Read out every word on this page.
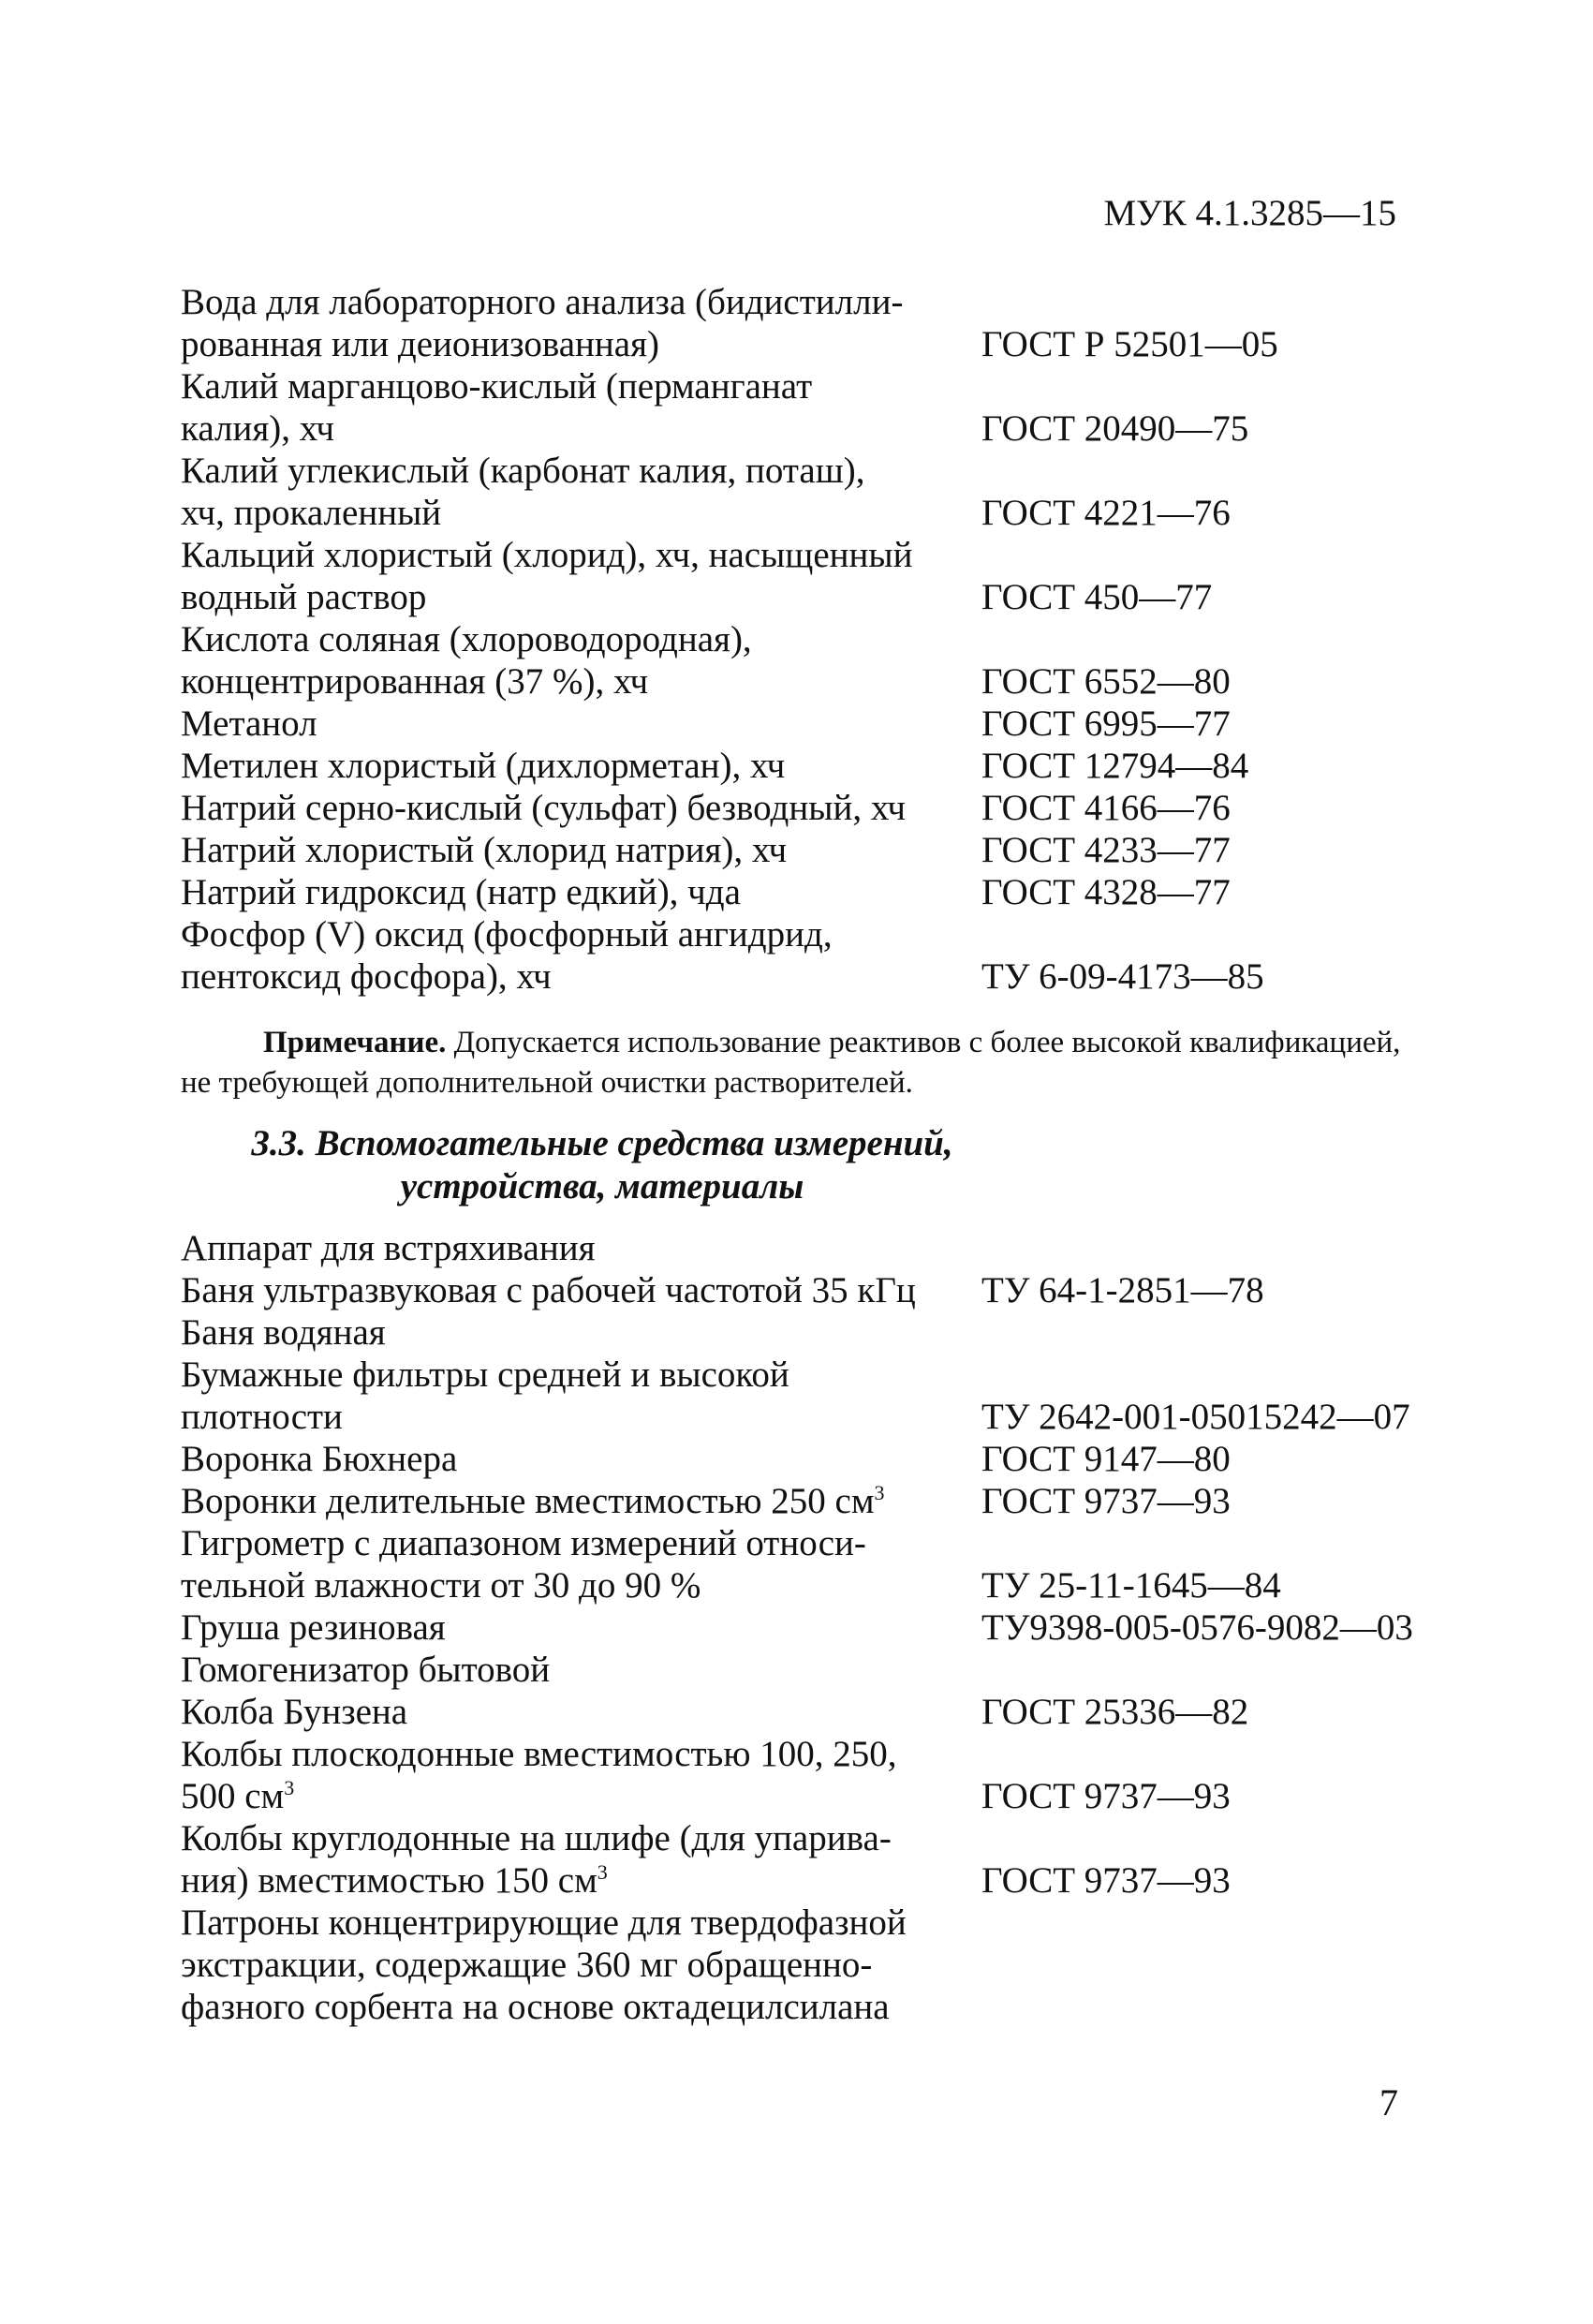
МУК 4.1.3285—15
Вода для лабораторного анализа (бидистилли-
рованная или деионизованная)	ГОСТ Р 52501—05
Калий марганцово-кислый (перманганат
калия), хч	ГОСТ 20490—75
Калий углекислый (карбонат калия, поташ),
хч, прокаленный	ГОСТ 4221—76
Кальций хлористый (хлорид), хч, насыщенный
водный раствор	ГОСТ 450—77
Кислота соляная (хлороводородная),
концентрированная (37 %), хч	ГОСТ 6552—80
Метанол	ГОСТ 6995—77
Метилен хлористый (дихлорметан), хч	ГОСТ 12794—84
Натрий серно-кислый (сульфат) безводный, хч	ГОСТ 4166—76
Натрий хлористый (хлорид натрия), хч	ГОСТ 4233—77
Натрий гидроксид (натр едкий), чда	ГОСТ 4328—77
Фосфор (V) оксид (фосфорный ангидрид,
пентоксид фосфора), хч	ТУ 6-09-4173—85
Примечание. Допускается использование реактивов с более высокой квалификацией, не требующей дополнительной очистки растворителей.
3.3. Вспомогательные средства измерений,
устройства, материалы
Аппарат для встряхивания
Баня ультразвуковая с рабочей частотой 35 кГц	ТУ 64-1-2851—78
Баня водяная
Бумажные фильтры средней и высокой
плотности	ТУ 2642-001-05015242—07
Воронка Бюхнера	ГОСТ 9147—80
Воронки делительные вместимостью 250 $см^3$	ГОСТ 9737—93
Гигрометр с диапазоном измерений относи-
тельной влажности от 30 до 90 %	ТУ 25-11-1645—84
Груша резиновая	ТУ9398-005-0576-9082—03
Гомогенизатор бытовой
Колба Бунзена	ГОСТ 25336—82
Колбы плоскодонные вместимостью 100, 250,
500 $см^3$	ГОСТ 9737—93
Колбы круглодонные на шлифе (для упарива-
ния) вместимостью 150 $см^3$	ГОСТ 9737—93
Патроны концентрирующие для твердофазной
экстракции, содержащие 360 мг обращенно-
фазного сорбента на основе октадецилсилана
7
